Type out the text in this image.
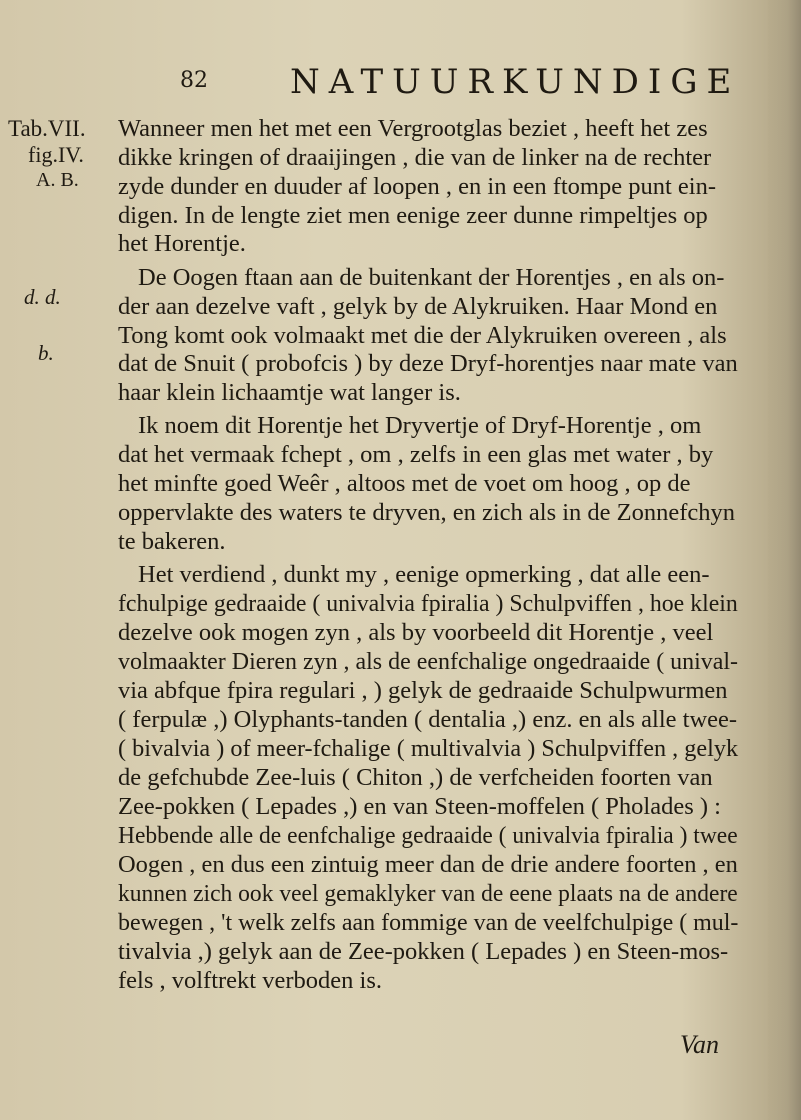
82 NATUURKUNDIGE
Tab.VII.
fig.IV.
A. B.
d. d.
b.
Wanneer men het met een Vergrootglas beziet , heeft het zes
dikke kringen of draaijingen , die van de linker na de rechter
zyde dunder en duuder af loopen , en in een ftompe punt ein-
digen. In de lengte ziet men eenige zeer dunne rimpeltjes op
het Horentje.
De Oogen ftaan aan de buitenkant der Horentjes , en als on-
der aan dezelve vaft , gelyk by de Alykruiken. Haar Mond en
Tong komt ook volmaakt met die der Alykruiken overeen , als
dat de Snuit ( probofcis ) by deze Dryf-horentjes naar mate van
haar klein lichaamtje wat langer is.
Ik noem dit Horentje het Dryvertje of Dryf-Horentje , om
dat het vermaak fchept , om , zelfs in een glas met water , by
het minfte goed Weêr , altoos met de voet om hoog , op de
oppervlakte des waters te dryven, en zich als in de Zonnefchyn
te bakeren.
Het verdiend , dunkt my , eenige opmerking , dat alle een-
fchulpige gedraaide ( univalvia fpiralia ) Schulpviffen , hoe klein
dezelve ook mogen zyn , als by voorbeeld dit Horentje , veel
volmaakter Dieren zyn , als de eenfchalige ongedraaide ( unival-
via abfque fpira regulari , ) gelyk de gedraaide Schulpwurmen
( ferpulæ ,) Olyphants-tanden ( dentalia ,) enz. en als alle twee-
( bivalvia ) of meer-fchalige ( multivalvia ) Schulpviffen , gelyk
de gefchubde Zee-luis ( Chiton ,) de verfcheiden foorten van
Zee-pokken ( Lepades ,) en van Steen-moffelen ( Pholades ) :
Hebbende alle de eenfchalige gedraaide ( univalvia fpiralia ) twee
Oogen , en dus een zintuig meer dan de drie andere foorten , en
kunnen zich ook veel gemaklyker van de eene plaats na de andere
bewegen , 't welk zelfs aan fommige van de veelfchulpige ( mul-
tivalvia ,) gelyk aan de Zee-pokken ( Lepades ) en Steen-mos-
fels , volftrekt verboden is.
Van
